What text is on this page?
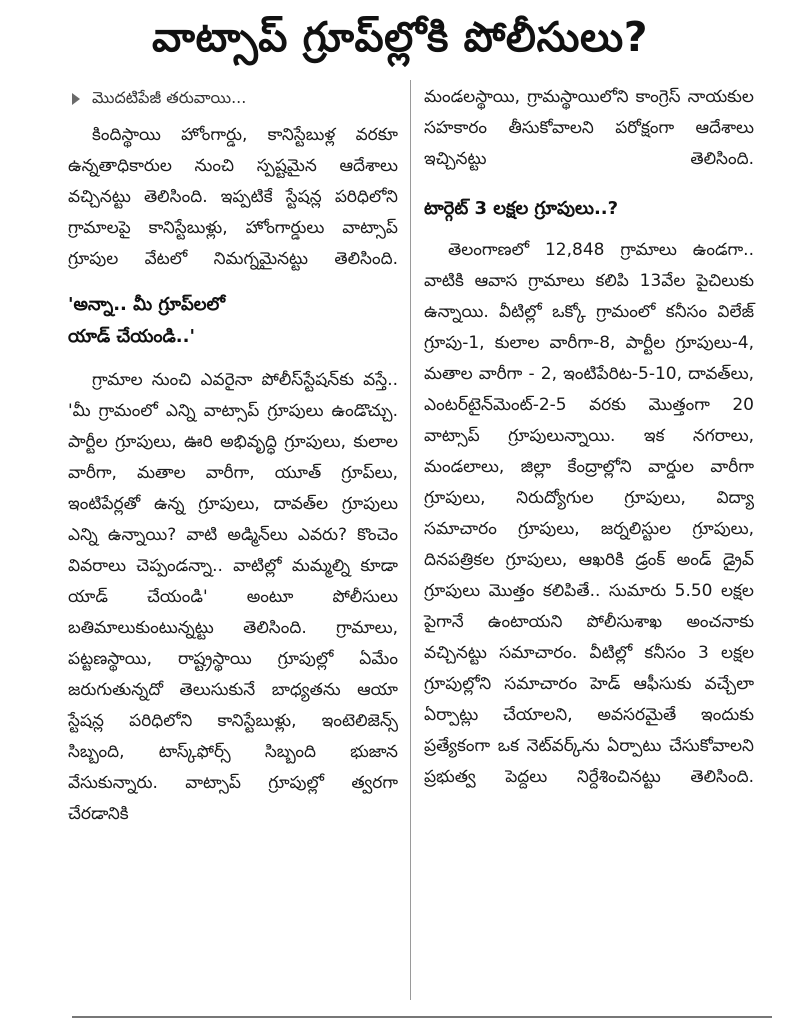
వాట్సాప్ గ్రూప్‌ల్లోకి పోలీసులు?
మొదటిపేజీ తరువాయి...

కిందిస్థాయి హోంగార్డు, కానిస్టేబుళ్ల వరకూ ఉన్నతాధికారుల నుంచి స్పష్టమైన ఆదేశాలు వచ్చినట్టు తెలిసింది. ఇప్పటికే స్టేషన్ల పరిధిలోని గ్రామాలపై కానిస్టేబుళ్లు, హోంగార్డులు వాట్సాప్ గ్రూపుల వేటలో నిమగ్నమైనట్టు తెలిసింది.

'అన్నా.. మీ గ్రూప్‌లలో

యాడ్ చేయండి..'

గ్రామాల నుంచి ఎవరైనా పోలీస్‌స్టేషన్‌కు వస్తే.. 'మీ గ్రామంలో ఎన్ని వాట్సాప్ గ్రూపులు ఉండొచ్చు. పార్టీల గ్రూపులు, ఊరి అభివృద్ధి గ్రూపులు, కులాల వారీగా, మతాల వారీగా, యూత్ గ్రూప్‌లు, ఇంటిపేర్లతో ఉన్న గ్రూపులు, దావత్‌ల గ్రూపులు ఎన్ని ఉన్నాయి? వాటి అడ్మిన్‌లు ఎవరు? కొంచెం వివరాలు చెప్పండన్నా.. వాటిల్లో మమ్మల్ని కూడా యాడ్ చేయండి' అంటూ పోలీసులు బతిమాలుకుంటున్నట్టు తెలిసింది. గ్రామాలు, పట్టణస్థాయి, రాష్ట్రస్థాయి గ్రూపుల్లో ఏమేం జరుగుతున్నదో తెలుసుకునే బాధ్యతను ఆయా స్టేషన్ల పరిధిలోని కానిస్టేబుళ్లు, ఇంటెలిజెన్స్ సిబ్బంది, టాస్క్‌ఫోర్స్ సిబ్బంది భుజాన వేసుకున్నారు. వాట్సాప్ గ్రూపుల్లో త్వరగా చేరడానికి

మండలస్థాయి, గ్రామస్థాయిలోని కాంగ్రెస్ నాయకుల సహకారం తీసుకోవాలని పరోక్షంగా ఆదేశాలు ఇచ్చినట్టు తెలిసింది.

టార్గెట్ 3 లక్షల గ్రూపులు..?

తెలంగాణలో 12,848 గ్రామాలు ఉండగా.. వాటికి ఆవాస గ్రామాలు కలిపి 13వేల పైచిలుకు ఉన్నాయి. వీటిల్లో ఒక్కో గ్రామంలో కనీసం విలేజ్ గ్రూపు-1, కులాల వారీగా-8, పార్టీల గ్రూపులు-4, మతాల వారీగా - 2, ఇంటిపేరిట-5-10, దావత్‌లు, ఎంటర్‌టైన్‌మెంట్-2-5 వరకు మొత్తంగా 20 వాట్సాప్ గ్రూపులున్నాయి. ఇక నగరాలు, మండలాలు, జిల్లా కేంద్రాల్లోని వార్డుల వారీగా గ్రూపులు, నిరుద్యోగుల గ్రూపులు, విద్యా సమాచారం గ్రూపులు, జర్నలిస్టుల గ్రూపులు, దినపత్రికల గ్రూపులు, ఆఖరికి డ్రంక్ అండ్ డ్రైవ్ గ్రూపులు మొత్తం కలిపితే.. సుమారు 5.50 లక్షల పైగానే ఉంటాయని పోలీసుశాఖ అంచనాకు వచ్చినట్టు సమాచారం. వీటిల్లో కనీసం 3 లక్షల గ్రూపుల్లోని సమాచారం హెడ్ ఆఫీసుకు వచ్చేలా ఏర్పాట్లు చేయాలని, అవసరమైతే ఇందుకు ప్రత్యేకంగా ఒక నెట్‌వర్క్‌ను ఏర్పాటు చేసుకోవాలని ప్రభుత్వ పెద్దలు నిర్దేశించినట్టు తెలిసింది.
